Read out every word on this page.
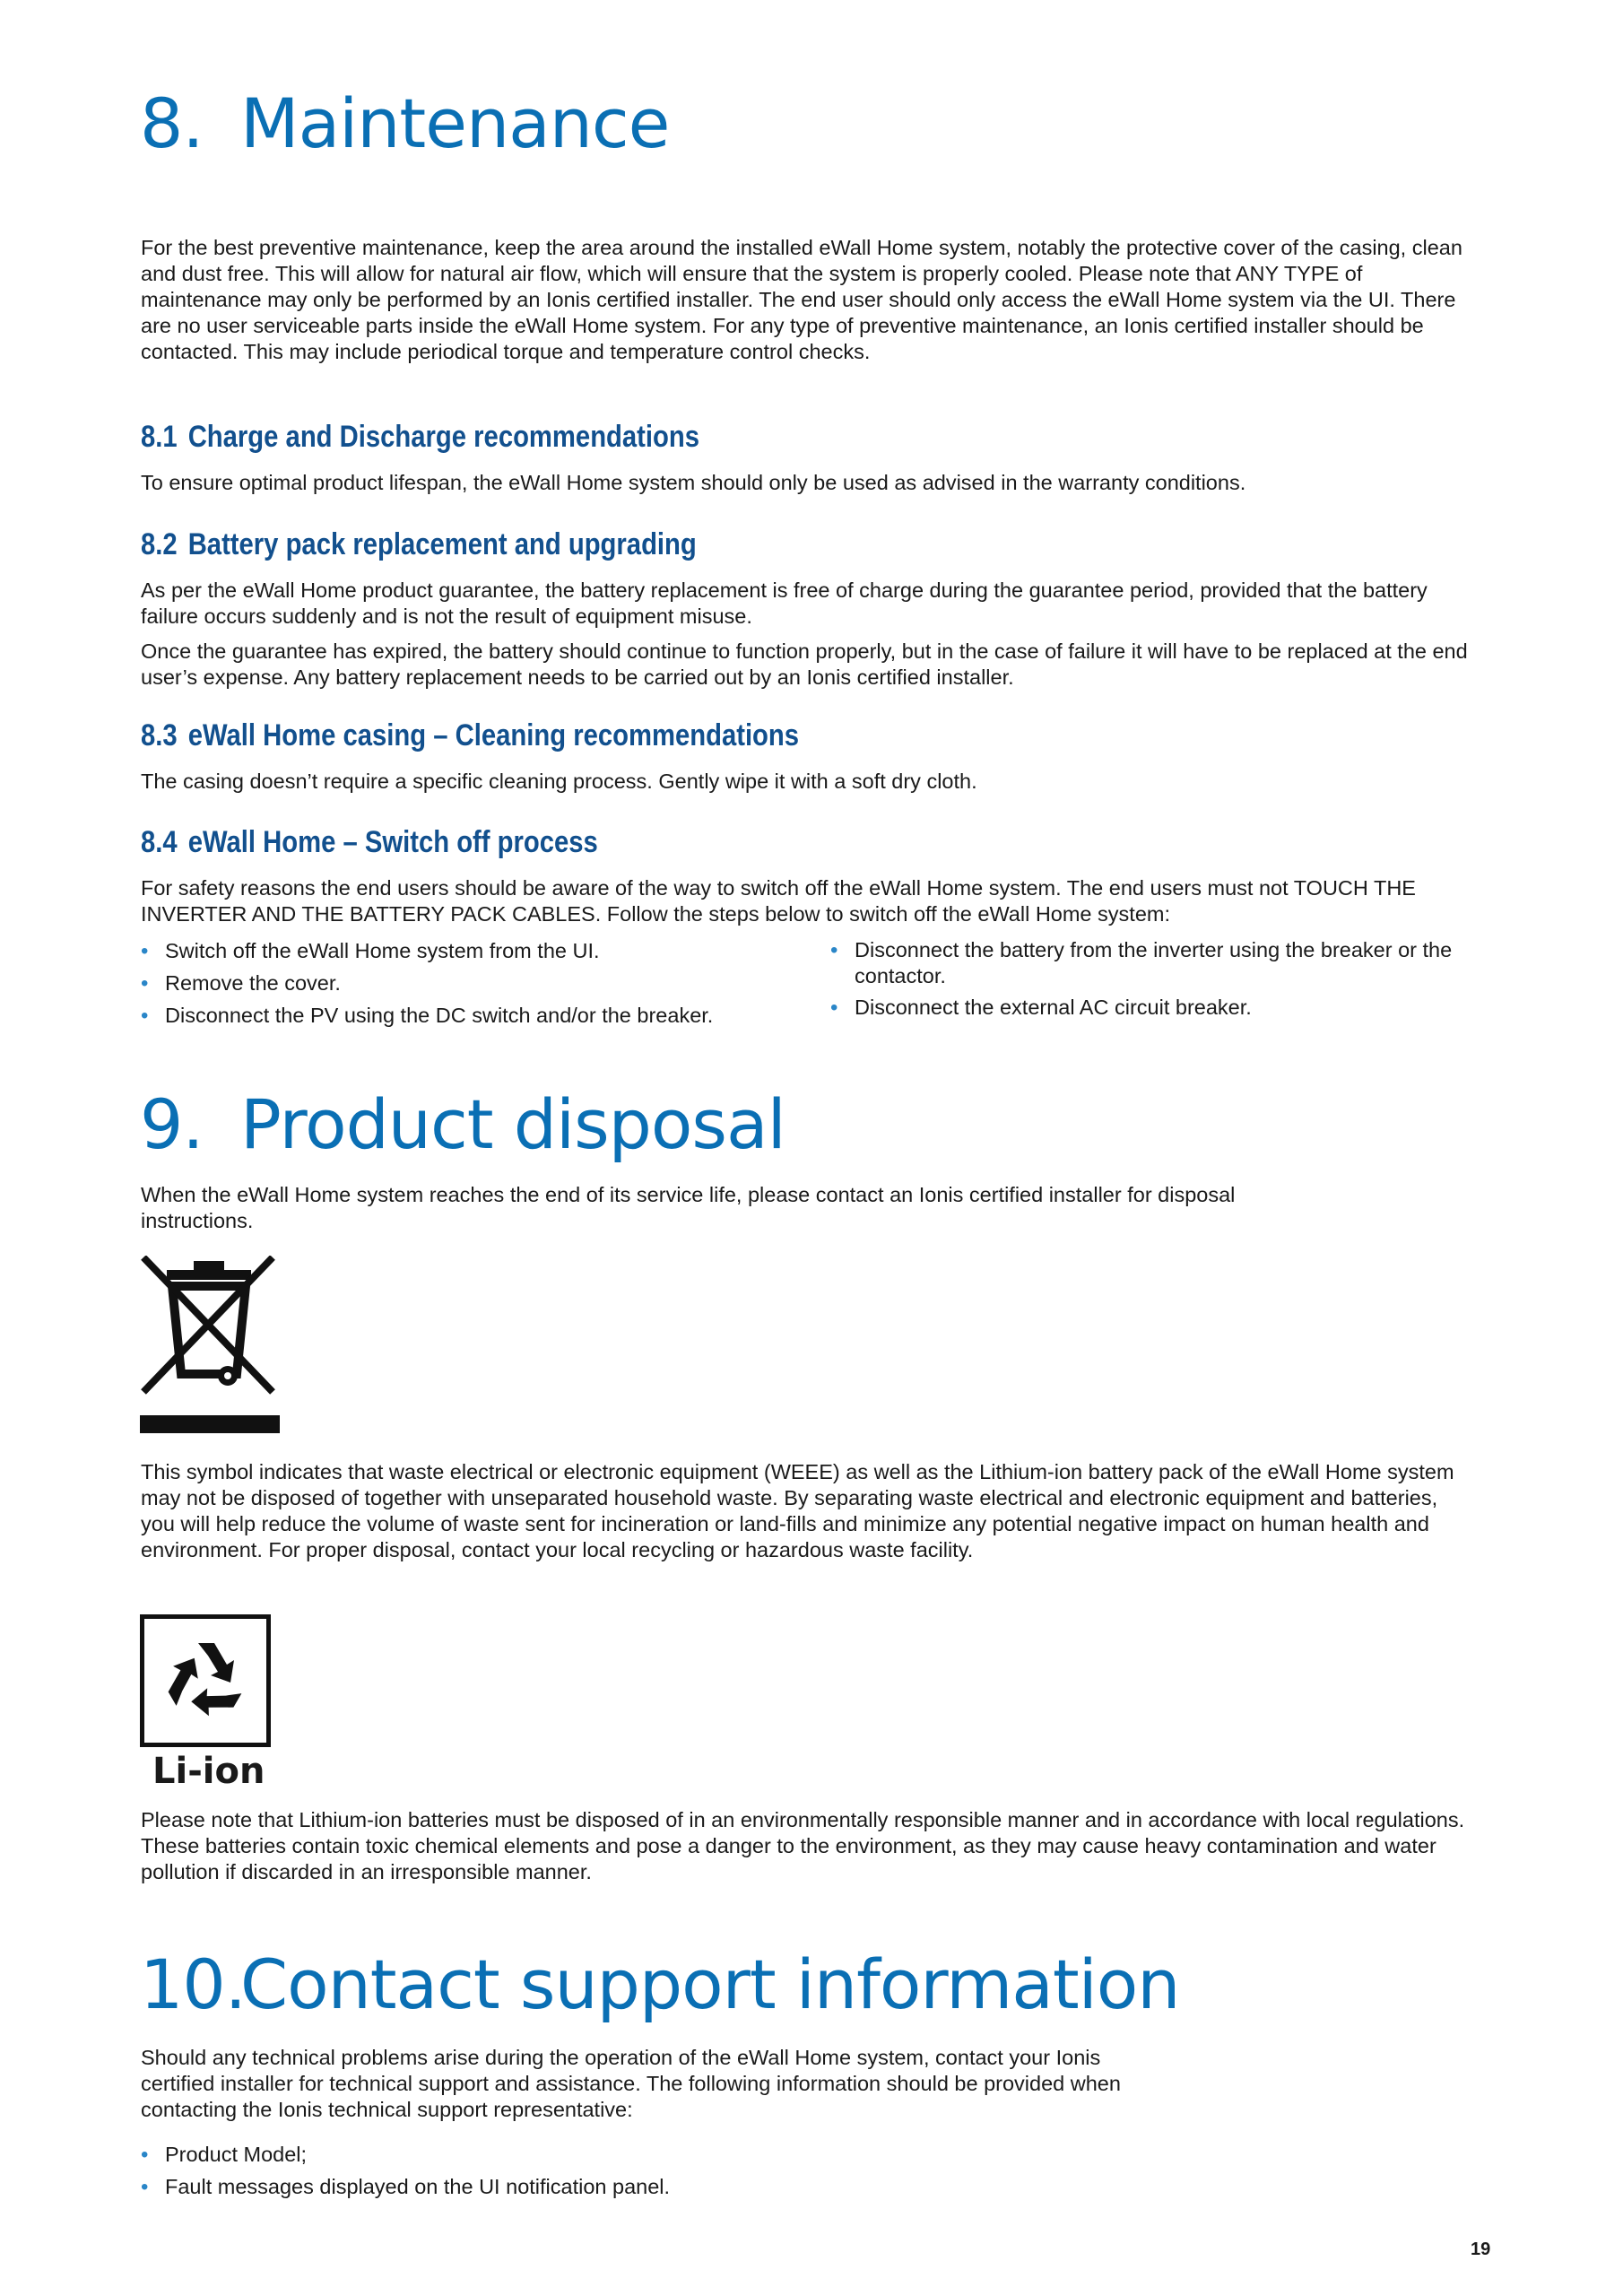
8. Maintenance
For the best preventive maintenance, keep the area around the installed eWall Home system, notably the protective cover of the casing, clean and dust free. This will allow for natural air flow, which will ensure that the system is properly cooled. Please note that ANY TYPE of maintenance may only be performed by an Ionis certified installer. The end user should only access the eWall Home system via the UI. There are no user serviceable parts inside the eWall Home system. For any type of preventive maintenance, an Ionis certified installer should be contacted. This may include periodical torque and temperature control checks.
8.1 Charge and Discharge recommendations
To ensure optimal product lifespan, the eWall Home system should only be used as advised in the warranty conditions.
8.2 Battery pack replacement and upgrading
As per the eWall Home product guarantee, the battery replacement is free of charge during the guarantee period, provided that the battery failure occurs suddenly and is not the result of equipment misuse.
Once the guarantee has expired, the battery should continue to function properly, but in the case of failure it will have to be replaced at the end user’s expense. Any battery replacement needs to be carried out by an Ionis certified installer.
8.3 eWall Home casing – Cleaning recommendations
The casing doesn’t require a specific cleaning process. Gently wipe it with a soft dry cloth.
8.4 eWall Home – Switch off process
For safety reasons the end users should be aware of the way to switch off the eWall Home system. The end users must not TOUCH THE INVERTER AND THE BATTERY PACK CABLES. Follow the steps below to switch off the eWall Home system:
• Switch off the eWall Home system from the UI.
• Remove the cover.
• Disconnect the PV using the DC switch and/or the breaker.
• Disconnect the battery from the inverter using the breaker or the contactor.
• Disconnect the external AC circuit breaker.
9. Product disposal
When the eWall Home system reaches the end of its service life, please contact an Ionis certified installer for disposal instructions.
This symbol indicates that waste electrical or electronic equipment (WEEE) as well as the Lithium-ion battery pack of the eWall Home system may not be disposed of together with unseparated household waste. By separating waste electrical and electronic equipment and batteries, you will help reduce the volume of waste sent for incineration or land-fills and minimize any potential negative impact on human health and environment. For proper disposal, contact your local recycling or hazardous waste facility.
Li-ion
Please note that Lithium-ion batteries must be disposed of in an environmentally responsible manner and in accordance with local regulations. These batteries contain toxic chemical elements and pose a danger to the environment, as they may cause heavy contamination and water pollution if discarded in an irresponsible manner.
10.Contact support information
Should any technical problems arise during the operation of the eWall Home system, contact your Ionis certified installer for technical support and assistance. The following information should be provided when contacting the Ionis technical support representative:
• Product Model;
• Fault messages displayed on the UI notification panel.
19
